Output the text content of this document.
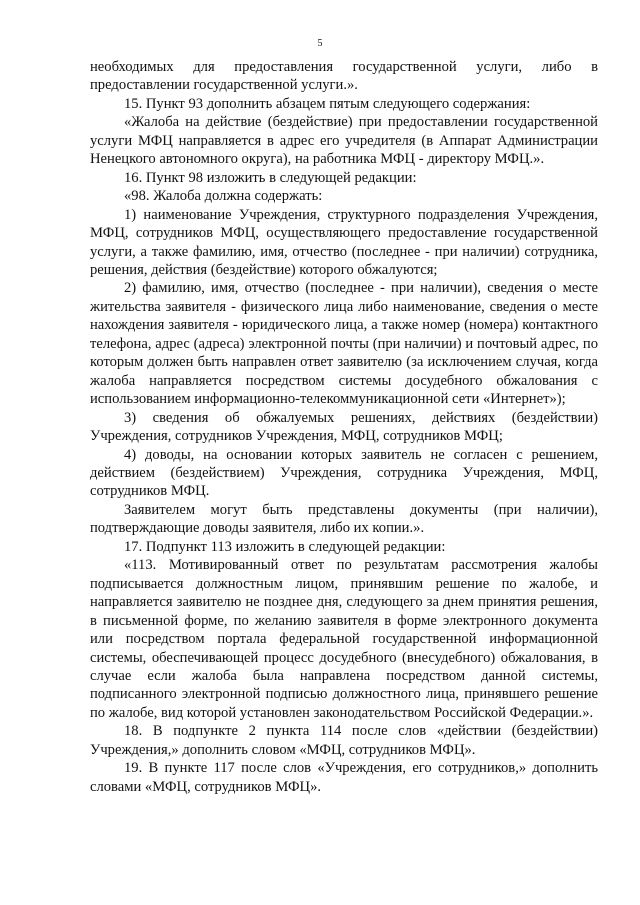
5

необходимых для предоставления государственной услуги, либо в предоставлении государственной услуги.».

15. Пункт 93 дополнить абзацем пятым следующего содержания:

«Жалоба на действие (бездействие) при предоставлении государственной услуги МФЦ направляется в адрес его учредителя (в Аппарат Администрации Ненецкого автономного округа), на работника МФЦ - директору МФЦ.».

16. Пункт 98 изложить в следующей редакции:

«98. Жалоба должна содержать:

1) наименование Учреждения, структурного подразделения Учреждения, МФЦ, сотрудников МФЦ, осуществляющего предоставление государственной услуги, а также фамилию, имя, отчество (последнее - при наличии) сотрудника, решения, действия (бездействие) которого обжалуются;

2) фамилию, имя, отчество (последнее - при наличии), сведения о месте жительства заявителя - физического лица либо наименование, сведения о месте нахождения заявителя - юридического лица, а также номер (номера) контактного телефона, адрес (адреса) электронной почты (при наличии) и почтовый адрес, по которым должен быть направлен ответ заявителю (за исключением случая, когда жалоба направляется посредством системы досудебного обжалования с использованием информационно-телекоммуникационной сети «Интернет»);

3) сведения об обжалуемых решениях, действиях (бездействии) Учреждения, сотрудников Учреждения, МФЦ, сотрудников МФЦ;

4) доводы, на основании которых заявитель не согласен с решением, действием (бездействием) Учреждения, сотрудника Учреждения, МФЦ, сотрудников МФЦ.

Заявителем могут быть представлены документы (при наличии), подтверждающие доводы заявителя, либо их копии.».

17. Подпункт 113 изложить в следующей редакции:

«113. Мотивированный ответ по результатам рассмотрения жалобы подписывается должностным лицом, принявшим решение по жалобе, и направляется заявителю не позднее дня, следующего за днем принятия решения, в письменной форме, по желанию заявителя в форме электронного документа или посредством портала федеральной государственной информационной системы, обеспечивающей процесс досудебного (внесудебного) обжалования, в случае если жалоба была направлена посредством данной системы, подписанного электронной подписью должностного лица, принявшего решение по жалобе, вид которой установлен законодательством Российской Федерации.».

18. В подпункте 2 пункта 114 после слов «действии (бездействии) Учреждения,» дополнить словом «МФЦ, сотрудников МФЦ».

19. В пункте 117 после слов «Учреждения, его сотрудников,» дополнить словами «МФЦ, сотрудников МФЦ».
